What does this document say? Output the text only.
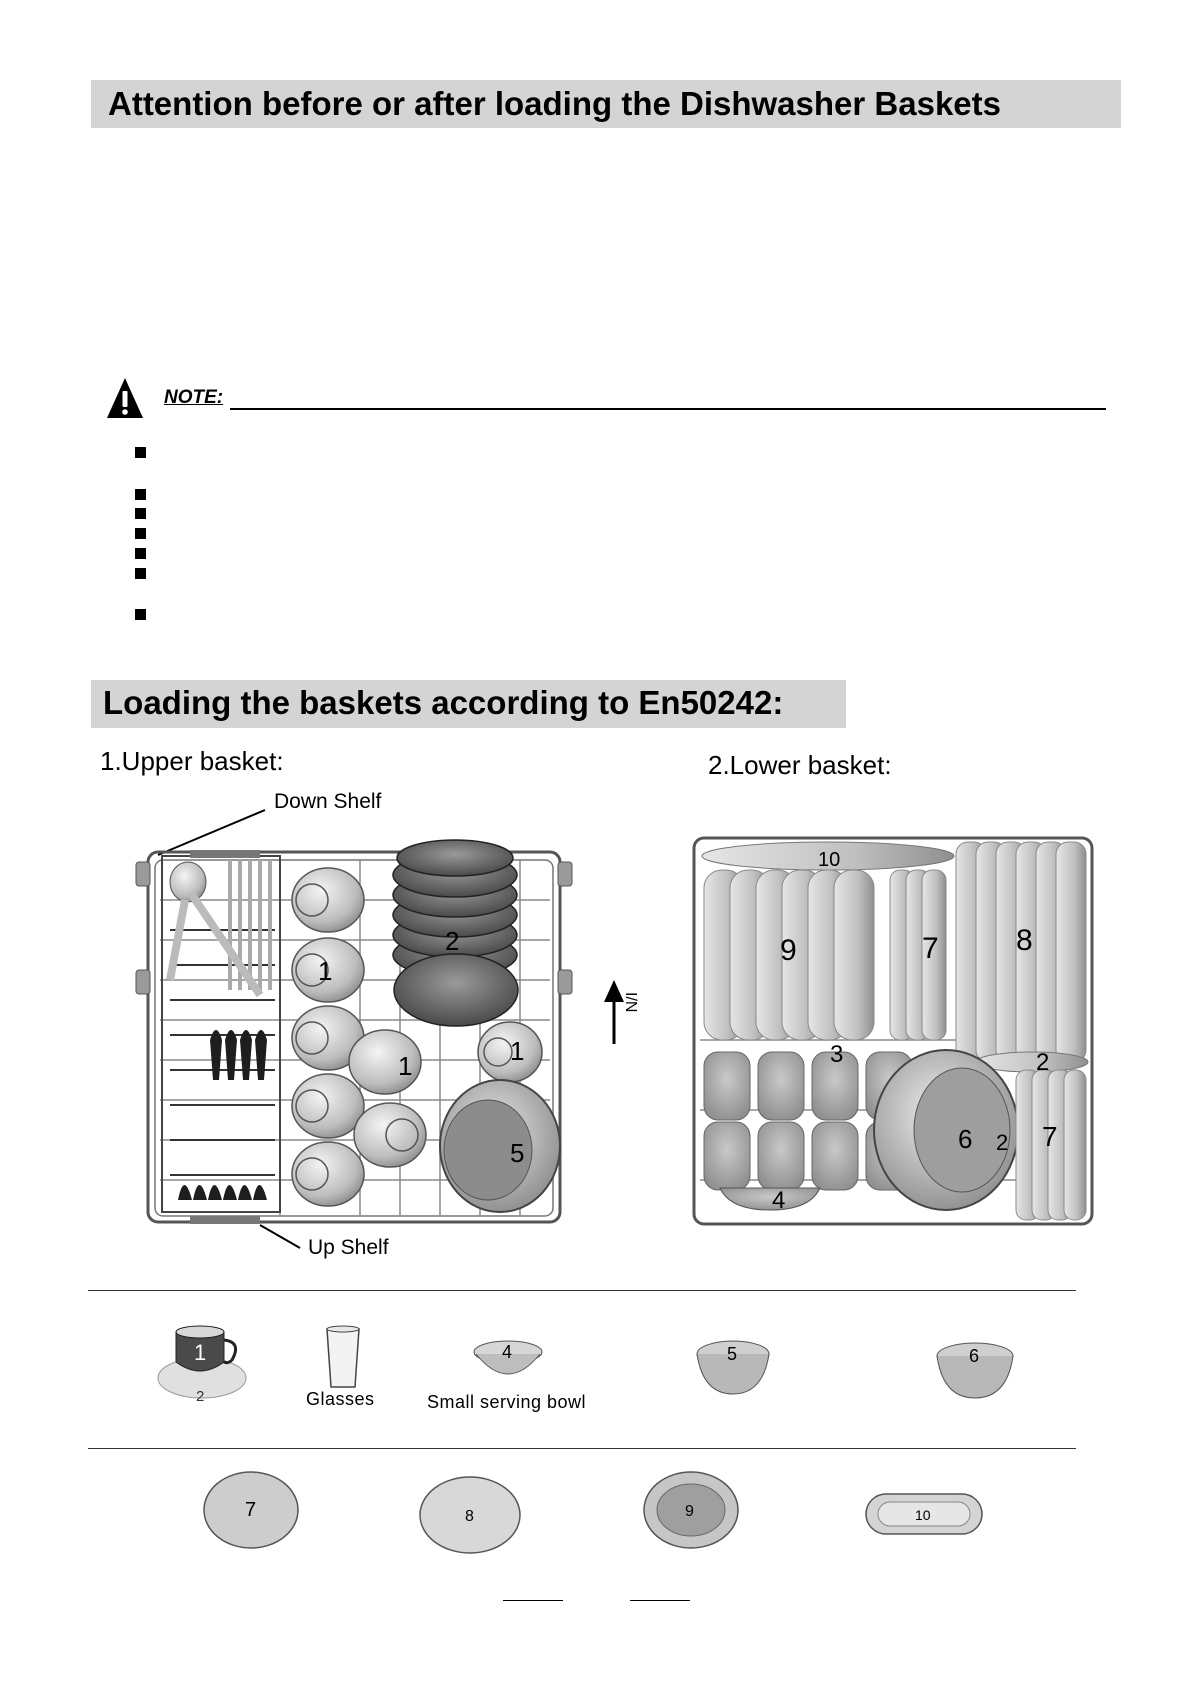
Attention before or after loading the Dishwasher Baskets
NOTE:
Loading the baskets according to En50242:
1.Upper basket:	2.Lower basket:
1
1	1
2
5
Down Shelf
Up Shelf
I/N
10
9	7	8
3	2
6 2 7
4
1
2	Glasses
4
Small serving bowl
5	6
7	8	9	10
